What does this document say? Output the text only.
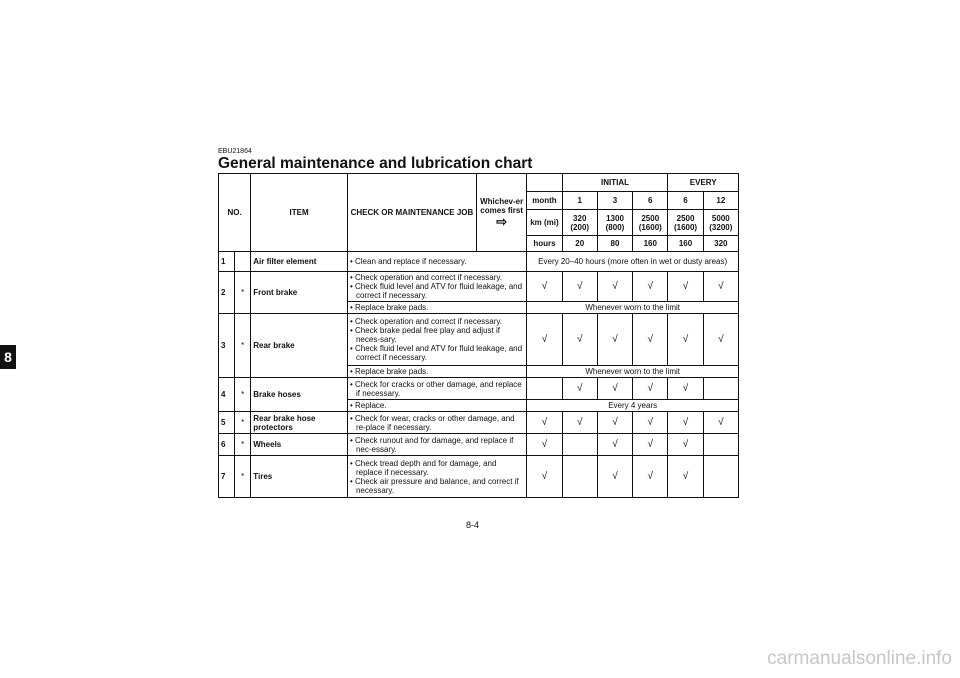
8
EBU21864
General maintenance and lubrication chart
NO.		ITEM	CHECK OR MAINTENANCE JOB	Whichev-er comes first
⇨		INITIAL			EVERY	
					month	1	3	6	6	12
					km (mi)	320 (200)	1300 (800)	2500 (1600)	2500 (1600)	5000 (3200)
					hours	20	80	160	160	320
1		Air filter element	• Clean and replace if necessary.		Every 20–40 hours (more often in wet or dusty areas)					
2	*	Front brake	• Check operation and correct if necessary.
• Check fluid level and ATV for fluid leakage, and correct if necessary.		√	√	√	√	√	√

			• Replace brake pads.		Whenever worn to the limit					
3	*	Rear brake	• Check operation and correct if necessary.
• Check brake pedal free play and adjust if neces-sary.
• Check fluid level and ATV for fluid leakage, and correct if necessary.		√	√	√	√	√	√

			• Replace brake pads.		Whenever worn to the limit					
4	*	Brake hoses	• Check for cracks or other damage, and replace if necessary.			√	√	√	√	

			• Replace.		Every 4 years					
5	*	Rear brake hose protectors	• Check for wear, cracks or other damage, and re-place if necessary.		√	√	√	√	√	√
6	*	Wheels	• Check runout and for damage, and replace if nec-essary.		√		√	√	√	
7	*	Tires	• Check tread depth and for damage, and replace if necessary.
• Check air pressure and balance, and correct if necessary.		√		√	√	√	
8-4
carmanualsonline.info
